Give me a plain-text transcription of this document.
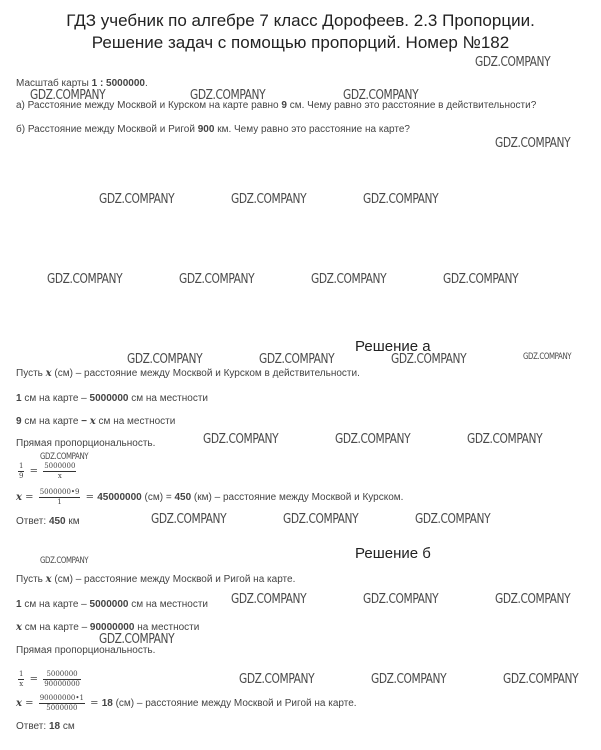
ГДЗ учебник по алгебре 7 класс Дорофеев. 2.3 Пропорции.
Решение задач с помощью пропорций. Номер №182
Масштаб карты 1 : 5000000.
а) Расстояние между Москвой и Курском на карте равно 9 см. Чему равно это расстояние в действительности?
б) Расстояние между Москвой и Ригой 900 км. Чему равно это расстояние на карте?
Решение а
Пусть x (см) – расстояние между Москвой и Курском в действительности.
1 см на карте – 5000000 см на местности
9 см на карте − x см на местности
Прямая пропорциональность.
$\frac{1}{9} = \frac{5000000}{x}$
$x = \frac{5000000•9}{1} = 45000000$ (см) = 450 (км) – расстояние между Москвой и Курском.
Ответ: 450 км
Решение б
Пусть x (см) – расстояние между Москвой и Ригой на карте.
1 см на карте – 5000000 см на местности
x см на карте – 90000000 на местности
Прямая пропорциональность.
$\frac{1}{x} = \frac{5000000}{90000000}$
$x = \frac{90000000•1}{5000000} = 18$ (см) – расстояние между Москвой и Ригой на карте.
Ответ: 18 см
GDZ.COMPANY
GDZ.COMPANY	GDZ.COMPANY	GDZ.COMPANY
GDZ.COMPANY
GDZ.COMPANY	GDZ.COMPANY	GDZ.COMPANY
GDZ.COMPANY	GDZ.COMPANY	GDZ.COMPANY	GDZ.COMPANY
GDZ.COMPANY	GDZ.COMPANY	GDZ.COMPANY	GDZ.COMPANY
GDZ.COMPANY	GDZ.COMPANY	GDZ.COMPANY
GDZ.COMPANY
GDZ.COMPANY	GDZ.COMPANY	GDZ.COMPANY
GDZ.COMPANY
GDZ.COMPANY	GDZ.COMPANY	GDZ.COMPANY
GDZ.COMPANY
GDZ.COMPANY	GDZ.COMPANY	GDZ.COMPANY
